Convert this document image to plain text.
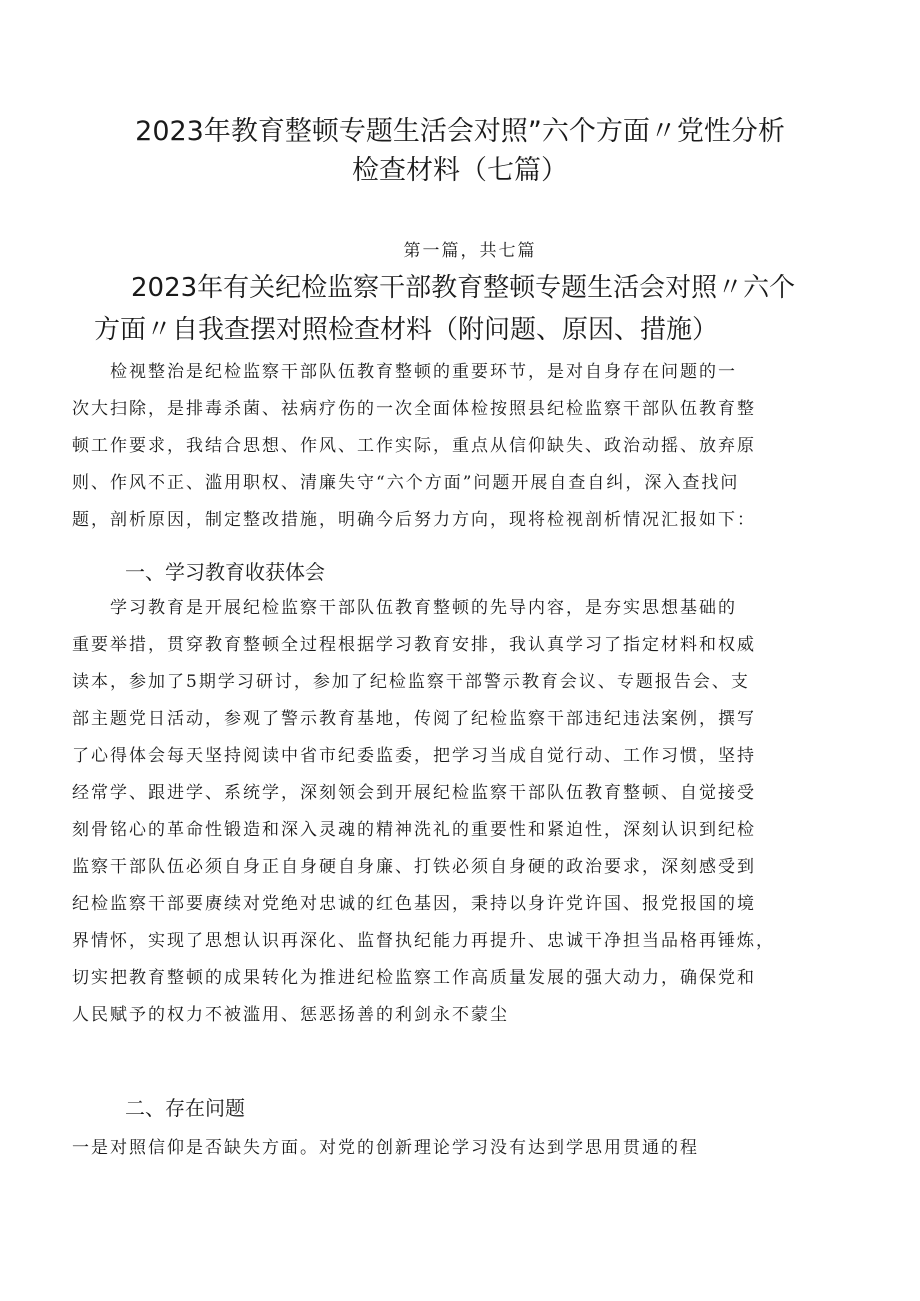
2023年教育整顿专题生活会对照”六个方面〃党性分析
检查材料（七篇）
第一篇，共七篇
2023年有关纪检监察干部教育整顿专题生活会对照〃六个
方面〃自我查摆对照检查材料（附问题、原因、措施）
　　检视整治是纪检监察干部队伍教育整顿的重要环节，是对自身存在问题的一
次大扫除，是排毒杀菌、祛病疗伤的一次全面体检按照县纪检监察干部队伍教育整
顿工作要求，我结合思想、作风、工作实际，重点从信仰缺失、政治动摇、放弃原
则、作风不正、滥用职权、清廉失守“六个方面”问题开展自查自纠，深入查找问
题，剖析原因，制定整改措施，明确今后努力方向，现将检视剖析情况汇报如下：
一、学习教育收获体会
　　学习教育是开展纪检监察干部队伍教育整顿的先导内容，是夯实思想基础的
重要举措，贯穿教育整顿全过程根据学习教育安排，我认真学习了指定材料和权威
读本，参加了5期学习研讨，参加了纪检监察干部警示教育会议、专题报告会、支
部主题党日活动，参观了警示教育基地，传阅了纪检监察干部违纪违法案例，撰写
了心得体会每天坚持阅读中省市纪委监委，把学习当成自觉行动、工作习惯，坚持
经常学、跟进学、系统学，深刻领会到开展纪检监察干部队伍教育整顿、自觉接受
刻骨铭心的革命性锻造和深入灵魂的精神洗礼的重要性和紧迫性，深刻认识到纪检
监察干部队伍必须自身正自身硬自身廉、打铁必须自身硬的政治要求，深刻感受到
纪检监察干部要赓续对党绝对忠诚的红色基因，秉持以身许党许国、报党报国的境
界情怀，实现了思想认识再深化、监督执纪能力再提升、忠诚干净担当品格再锤炼，
切实把教育整顿的成果转化为推进纪检监察工作高质量发展的强大动力，确保党和
人民赋予的权力不被滥用、惩恶扬善的利剑永不蒙尘
二、存在问题
一是对照信仰是否缺失方面。对党的创新理论学习没有达到学思用贯通的程
